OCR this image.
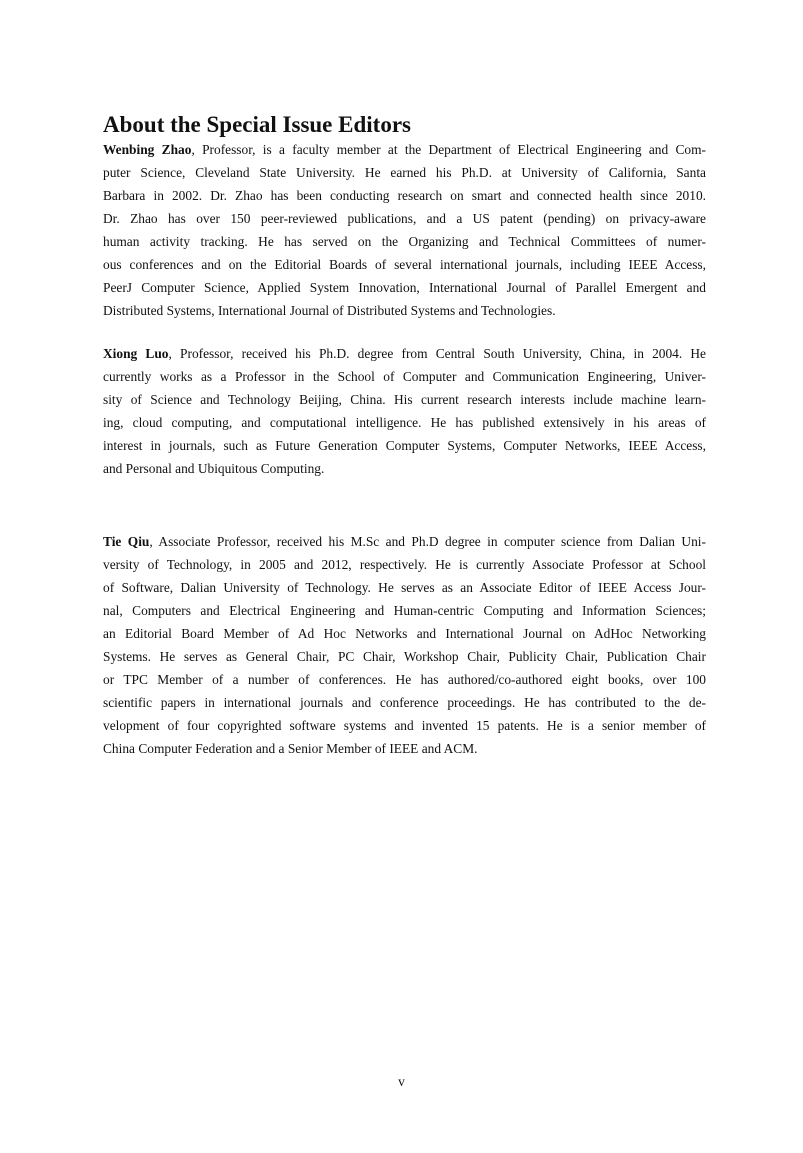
About the Special Issue Editors
Wenbing Zhao, Professor, is a faculty member at the Department of Electrical Engineering and Com-
puter Science, Cleveland State University. He earned his Ph.D. at University of California, Santa
Barbara in 2002. Dr. Zhao has been conducting research on smart and connected health since 2010.
Dr. Zhao has over 150 peer-reviewed publications, and a US patent (pending) on privacy-aware
human activity tracking. He has served on the Organizing and Technical Committees of numer-
ous conferences and on the Editorial Boards of several international journals, including IEEE Access,
PeerJ Computer Science, Applied System Innovation, International Journal of Parallel Emergent and
Distributed Systems, International Journal of Distributed Systems and Technologies.
Xiong Luo, Professor, received his Ph.D. degree from Central South University, China, in 2004. He
currently works as a Professor in the School of Computer and Communication Engineering, Univer-
sity of Science and Technology Beijing, China. His current research interests include machine learn-
ing, cloud computing, and computational intelligence. He has published extensively in his areas of
interest in journals, such as Future Generation Computer Systems, Computer Networks, IEEE Access,
and Personal and Ubiquitous Computing.
Tie Qiu, Associate Professor, received his M.Sc and Ph.D degree in computer science from Dalian Uni-
versity of Technology, in 2005 and 2012, respectively. He is currently Associate Professor at School
of Software, Dalian University of Technology. He serves as an Associate Editor of IEEE Access Jour-
nal, Computers and Electrical Engineering and Human-centric Computing and Information Sciences;
an Editorial Board Member of Ad Hoc Networks and International Journal on AdHoc Networking
Systems. He serves as General Chair, PC Chair, Workshop Chair, Publicity Chair, Publication Chair
or TPC Member of a number of conferences. He has authored/co-authored eight books, over 100
scientific papers in international journals and conference proceedings. He has contributed to the de-
velopment of four copyrighted software systems and invented 15 patents. He is a senior member of
China Computer Federation and a Senior Member of IEEE and ACM.
v
